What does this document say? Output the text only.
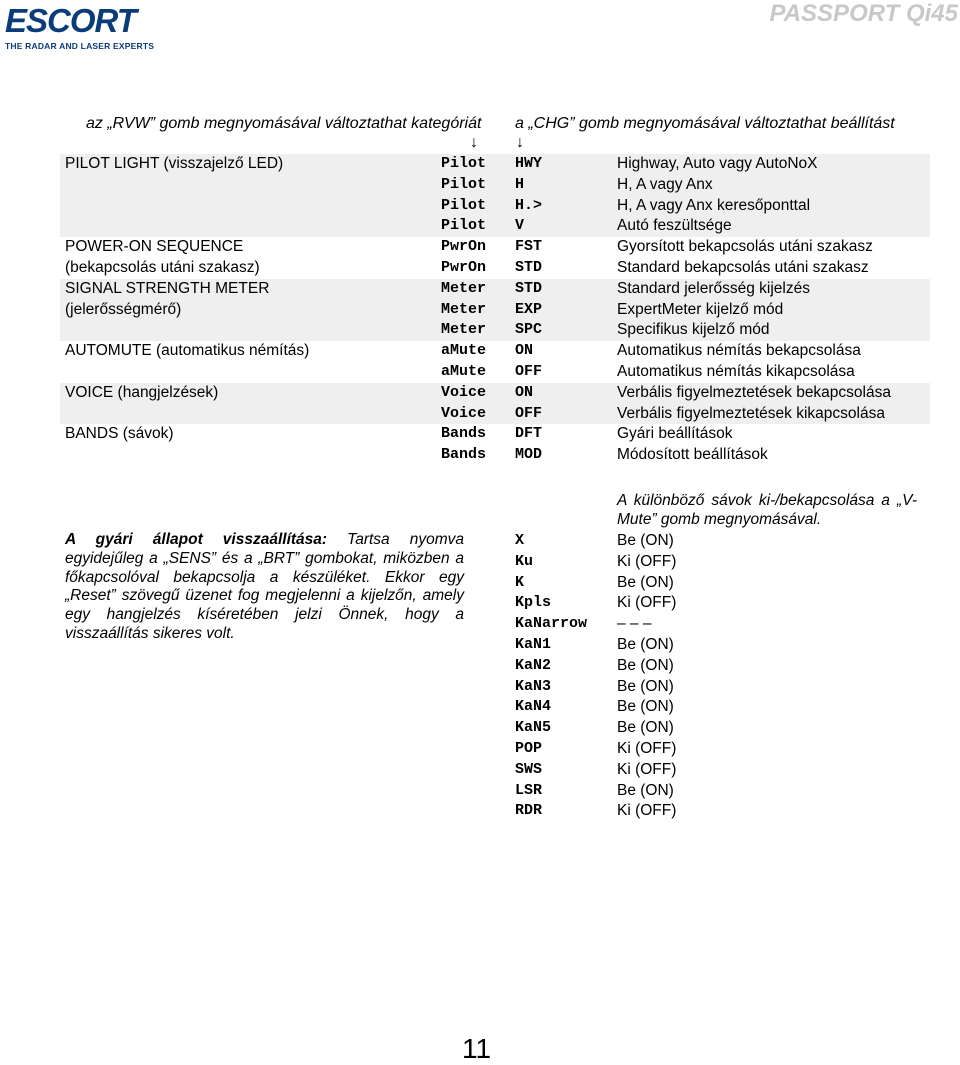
ESCORT
THE RADAR AND LASER EXPERTS
PASSPORT Qi45
az „RVW” gomb megnyomásával változtathat kategóriát a „CHG” gomb megnyomásával változtathat beállítást
↓ ↓
PILOT LIGHT (visszajelző LED)	Pilot HWY	Highway, Auto vagy AutoNoX
Pilot H	H, A vagy Anx
Pilot H.>	H, A vagy Anx keresőponttal
Pilot V	Autó feszültsége
POWER-ON SEQUENCE	PwrOn FST	Gyorsított bekapcsolás utáni szakasz
(bekapcsolás utáni szakasz)	PwrOn STD	Standard bekapcsolás utáni szakasz
SIGNAL STRENGTH METER	Meter STD	Standard jelerősség kijelzés
(jelerősségmérő)	Meter EXP	ExpertMeter kijelző mód
Meter SPC	Specifikus kijelző mód
AUTOMUTE (automatikus némítás)	aMute ON	Automatikus némítás bekapcsolása
aMute OFF	Automatikus némítás kikapcsolása
VOICE (hangjelzések)	Voice ON	Verbális figyelmeztetések bekapcsolása
Voice OFF	Verbális figyelmeztetések kikapcsolása
BANDS (sávok)	Bands DFT	Gyári beállítások
Bands MOD	Módosított beállítások
A különböző sávok ki-/bekapcsolása a „V-Mute” gomb megnyomásával.
A gyári állapot visszaállítása: Tartsa nyomva egyidejűleg a „SENS” és a „BRT” gombokat, miközben a főkapcsolóval bekapcsolja a készüléket. Ekkor egy „Reset” szövegű üzenet fog megjelenni a kijelzőn, amely egy hangjelzés kíséretében jelzi Önnek, hogy a visszaállítás sikeres volt.
X	Be (ON)
Ku	Ki (OFF)
K	Be (ON)
Kpls	Ki (OFF)
KaNarrow – – –
KaN1	Be (ON)
KaN2	Be (ON)
KaN3	Be (ON)
KaN4	Be (ON)
KaN5	Be (ON)
POP	Ki (OFF)
SWS	Ki (OFF)
LSR	Be (ON)
RDR	Ki (OFF)
11
